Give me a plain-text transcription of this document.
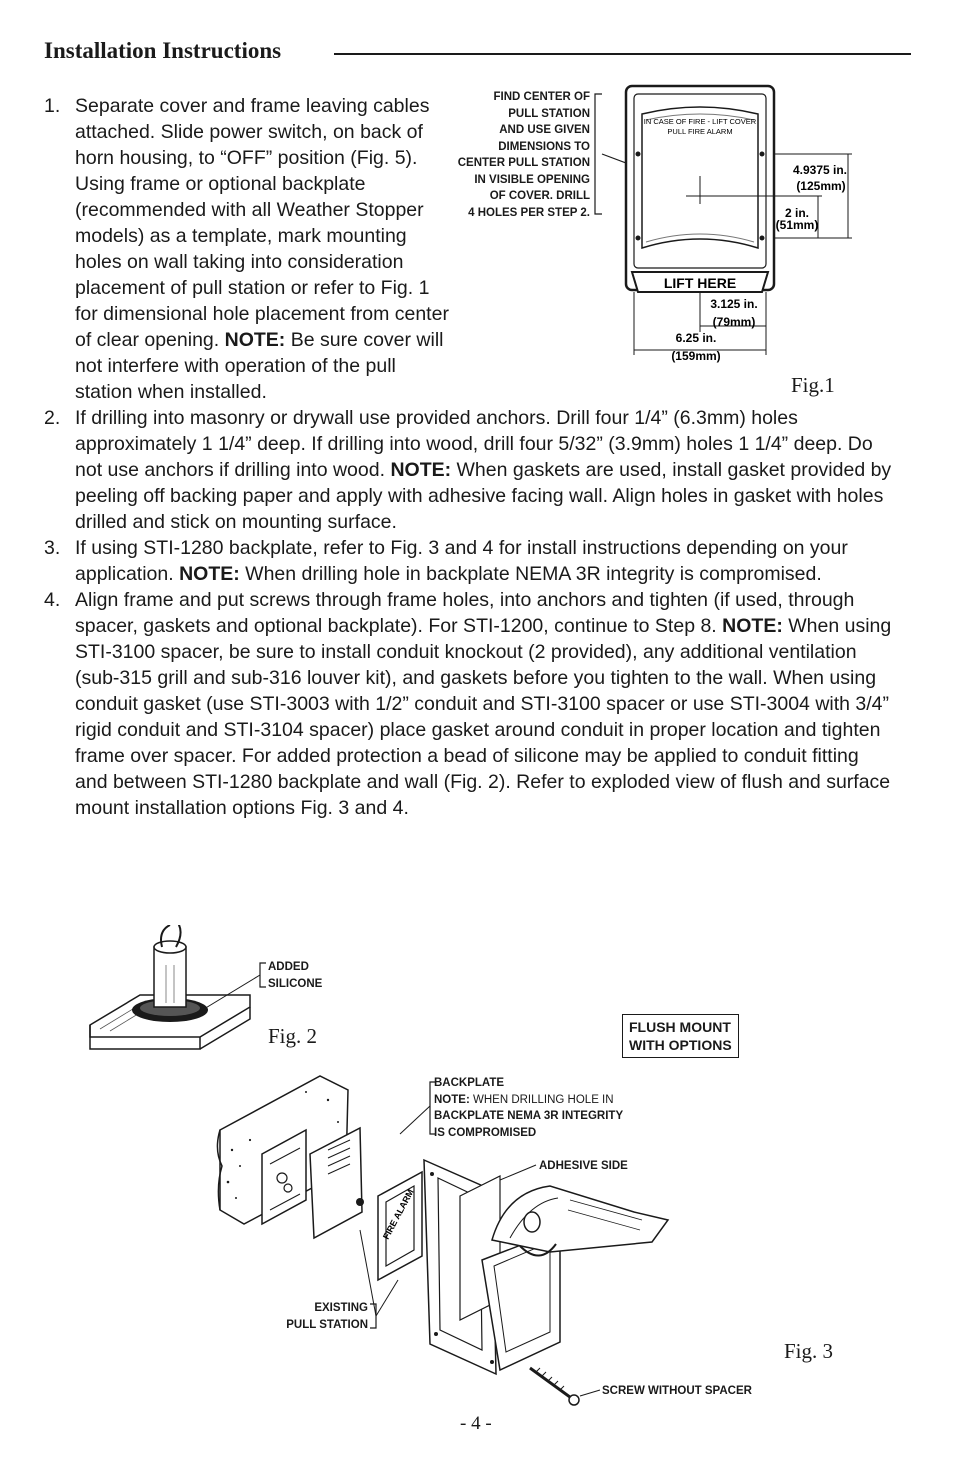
Installation Instructions
1. Separate cover and frame leaving cables attached. Slide power switch, on back of horn housing, to “OFF” position (Fig. 5). Using frame or optional backplate (recommended with all Weather Stopper models) as a template, mark mounting holes on wall taking into consideration placement of pull station or refer to Fig. 1 for dimensional hole placement from center of clear opening. NOTE: Be sure cover will not interfere with operation of the pull station when installed.
2. If drilling into masonry or drywall use provided anchors. Drill four 1/4” (6.3mm) holes approximately 1 1/4” deep. If drilling into wood, drill four 5/32” (3.9mm) holes 1 1/4” deep. Do not use anchors if drilling into wood. NOTE: When gaskets are used, install gasket provided by peeling off backing paper and apply with adhesive facing wall. Align holes in gasket with holes drilled and stick on mounting surface.
3. If using STI-1280 backplate, refer to Fig. 3 and 4 for install instructions depending on your application. NOTE: When drilling hole in backplate NEMA 3R integrity is compromised.
4. Align frame and put screws through frame holes, into anchors and tighten (if used, through spacer, gaskets and optional backplate). For STI-1200, continue to Step 8. NOTE: When using STI-3100 spacer, be sure to install conduit knockout (2 provided), any additional ventilation (sub-315 grill and sub-316 louver kit), and gaskets before you tighten to the wall. When using conduit gasket (use STI-3003 with 1/2” conduit and STI-3100 spacer or use STI-3004 with 3/4” rigid conduit and STI-3104 spacer) place gasket around conduit in proper location and tighten frame over spacer. For added protection a bead of silicone may be applied to conduit fitting and between STI-1280 backplate and wall (Fig. 2). Refer to exploded view of flush and surface mount installation options Fig. 3 and 4.
FIND CENTER OF
PULL STATION
AND USE GIVEN
DIMENSIONS TO
CENTER PULL STATION
IN VISIBLE OPENING
OF COVER. DRILL
4 HOLES PER STEP 2.
IN CASE OF FIRE - LIFT COVER
PULL FIRE ALARM
LIFT HERE
4.9375 in.
(125mm)
2 in.
(51mm)
3.125 in.
(79mm)
6.25 in.
(159mm)
Fig.1
ADDED
SILICONE
Fig. 2	FLUSH MOUNT
WITH OPTIONS
BACKPLATE
NOTE: WHEN DRILLING HOLE IN
BACKPLATE NEMA 3R INTEGRITY
IS COMPROMISED
ADHESIVE SIDE
EXISTING
PULL STATION
SCREW WITHOUT SPACER
FIRE ALARM
Fig. 3
- 4 -
